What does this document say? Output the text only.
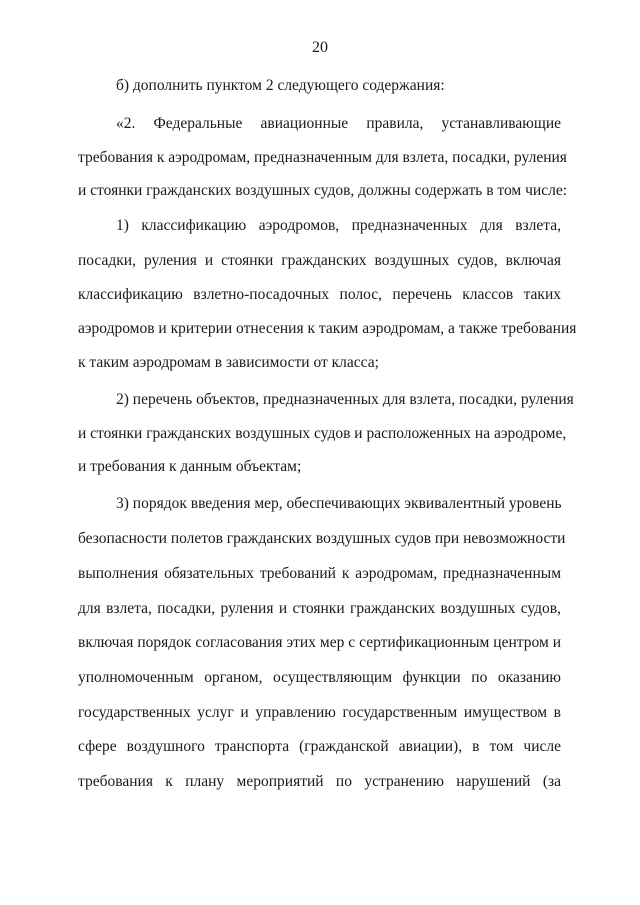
20
б) дополнить пунктом 2 следующего содержания:
«2. Федеральные авиационные правила, устанавливающие
требования к аэродромам, предназначенным для взлета, посадки, руления
и стоянки гражданских воздушных судов, должны содержать в том числе:
1) классификацию аэродромов, предназначенных для взлета,
посадки, руления и стоянки гражданских воздушных судов, включая
классификацию взлетно-посадочных полос, перечень классов таких
аэродромов и критерии отнесения к таким аэродромам, а также требования
к таким аэродромам в зависимости от класса;
2) перечень объектов, предназначенных для взлета, посадки, руления
и стоянки гражданских воздушных судов и расположенных на аэродроме,
и требования к данным объектам;
3) порядок введения мер, обеспечивающих эквивалентный уровень
безопасности полетов гражданских воздушных судов при невозможности
выполнения обязательных требований к аэродромам, предназначенным
для взлета, посадки, руления и стоянки гражданских воздушных судов,
включая порядок согласования этих мер с сертификационным центром и
уполномоченным органом, осуществляющим функции по оказанию
государственных услуг и управлению государственным имуществом в
сфере воздушного транспорта (гражданской авиации), в том числе
требования к плану мероприятий по устранению нарушений (за
